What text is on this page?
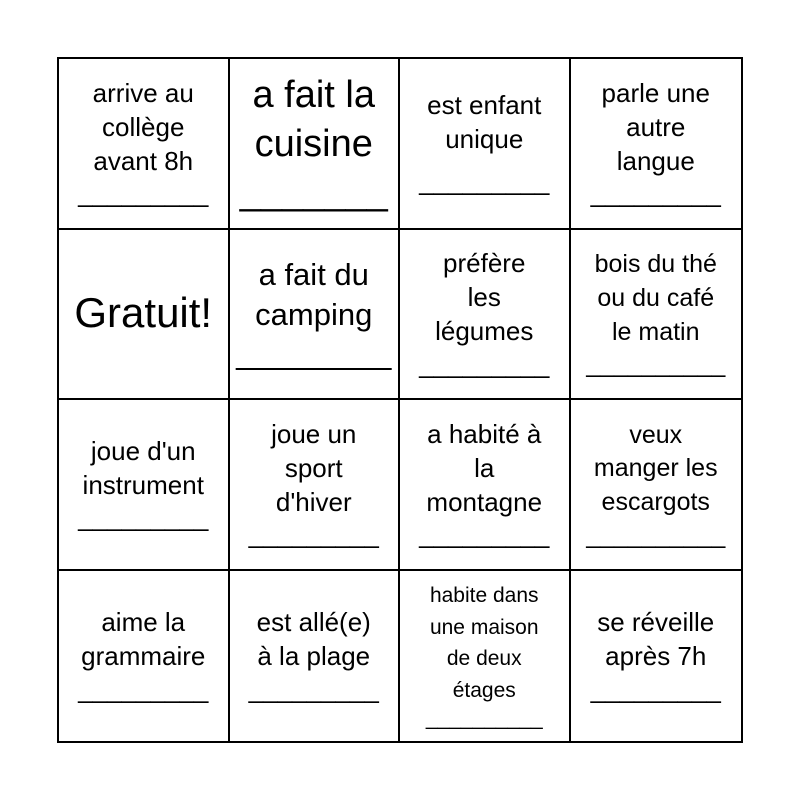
arrive au
collège
avant 8h
_________
a fait la
cuisine
_______
est enfant
unique
_________
parle une
autre
langue
_________
Gratuit!
a fait du
camping
_________
préfère
les
légumes
_________
bois du thé
ou du café
le matin
__________
joue d'un
instrument
_________
joue un
sport
d'hiver
_________
a habité à
la
montagne
_________
veux
manger les
escargots
__________
aime la
grammaire
_________
est allé(e)
à la plage
_________
habite dans
une maison
de deux
étages
__________
se réveille
après 7h
_________
